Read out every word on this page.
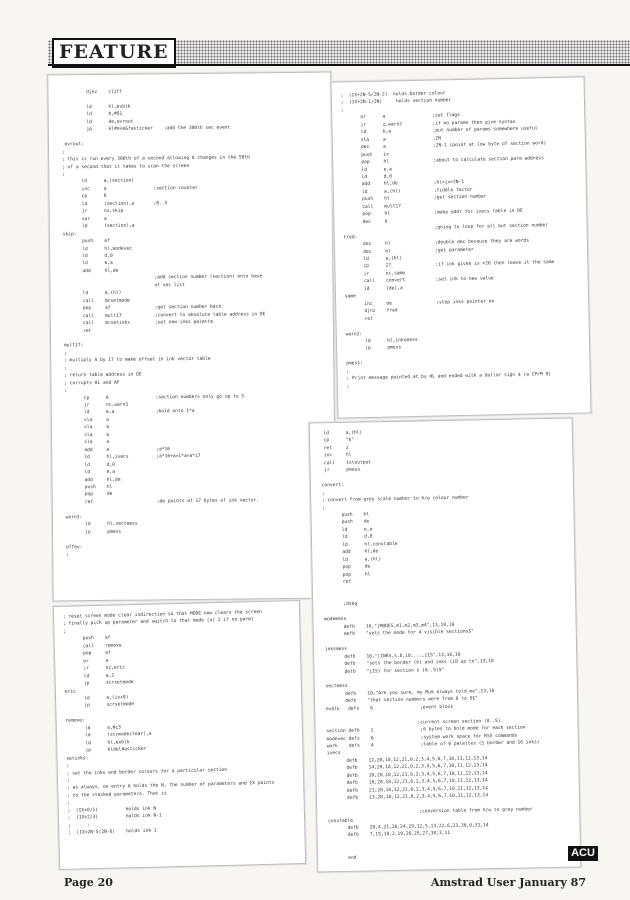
FEATURE
djnz    cliff

ld      hl,evblk
ld      b,#81
ld      de,evrout
jp      kl#eve&fasticker    ;add the 300th sec event

evrout:
;
; this is run every 300th of a second allowing 6 changes in the 50th
; of a second that it takes to scan the screen
;
ld      a,(section)
inc     a                 ;section counter
cp      6
ld      (section),a       ;0..5
jr      nz,skip
xor     a
ld      (section),a
skip:
push    af
ld      hl,modevec
ld      d,0
ld      e,a
add     hl,de
;add section number (section) onto base
of vec list
ld      a,(hl)
call    mcsetmode
pop     af                ;get section number back
call    mult17            ;convert to absolute table address in DE
call    mcsetinks         ;set new inks palette
ret

mult17:
;
; multiply A by 17 to make offset in ink vector table
;
; return table address in DE
; corrupts HL and AF
;
cp      6                 ;section numbers only go up to 5
jr      nc,warn3
ld      e,a               ;hold onto 1*a
sla     a
sla     a
sla     a
sla     a
add     e                 ;a*16
ld      hl,ivecs          ;a*16+a=1*a=a*17
ld      d,0
ld      e,a
add     hl,de
push    hl
pop     de
ret                       ;de points at 17 bytes of ink vector.

warn3:
ld      hl,sectmess
jp      pmess

offev:
;
;  (IX+2N-5/2N-2)  holds border colour
;  (IX+2N-1/2N)     holds section number
;
or      a                 ;set flags
jr      z,warn2           ;if no params then give syntax
ld      b,a               ;put number of params somewhere useful
sla     a                 ;2N
dec     a                 ;2N-1 (point at low byte of section word)
push    ix
pop     hl                ;about to calculate section parm address
ld      e,a
ld      d,0
add     hl,de             ;hl=ix+2N-1
ld      a,(hl)            ;fiddle factor
push    hl                ;get section number
call    mult17
pop     hl                ;make addr for ivecs table in DE
dec     b
;going to loop for all but section number
fred:
dec     hl                ;double dec because they are words
dec     hl                ;get parameter
ld      a,(hl)
cp      27                ;if ink given is >26 then leave it the same
jr      nc,same
call    convert           ;set ink to new value
ld      (de),a
same
inc     de                ;step inks pointer on
djnz    fred
ret

warn2:
ld      hl,inksmess
jp      pmess

pmess:
;
; Print message pointed at by HL and ended with a dollar sign $ (a CP/M 9)
;
; reset screen mode clear indirection so that MODE now clears the screen
; finally pick up parameter and switch to that mode (or 2 if no parm)
;
push    af
call    remove
pop     af
or      a
jr      nz,eric
ld      a,2
jp      scrsetmode
eric
ld      a,(ix+0)
jp      scrsetmode

remove:
ld      a,#c3
ld      (scrmodeclear),a
ld      hl,evblk
jp      kldel#asticker
setinks:
;
; set the inks and border colours for a particular section
;
; as always, on entry A holds the N, the number of parameters and IX points
; to the stacked parameters. That is
;
;  (IX+0/1)          holds ink N
;  (IX+2/3)          holds ink N-1
;      :
;  (IX+2N-5/2N-6)    holds ink 1
ld      a,(hl)
cp      "$"
ret     z
inc     hl
call    txtoutput
jr      pmess

convert:
;
; convert from grey scale number to h/w colour number
;
push    hl
push    de
ld      e,a
ld      d,0
ld      hl,convtable
add     hl,de
ld      a,(hl)
pop     de
pop     hl
ret

;dseg

modemess
defb    10,"|MODES,m1,m2,m3,m4",13,10,10
defb    "sets the mode for 4 visible sections$"

inksmess
defb    10,"|INKS,s,b,i0,...,i15",13,10,10
defb    "sets the border (b) and inks (i0 up to",13,10
defb    "i15) for section s (0..5)$"

sectmess
defb    10,"Are you sure, my Mum always told me",13,10
defb    "that section numbers were from 0 to 5$"
evblk   defs    6                 ;event block

;current screen section (0..5)
section defb    1                 ;6 bytes to hold mode for each section
modevec defs    6                 ;system work space for RSX commands
work    defs    4                 ;table of 6 palettes (1 border and 16 inks)
ivecs
defb    12,20,18,12,21,0,2,3,4,5,6,7,10,11,12,13,14
defb    14,20,18,12,21,0,2,3,4,5,6,7,10,11,12,13,14
defb    10,20,18,12,21,0,2,3,4,5,6,7,10,11,12,13,14
defb    18,20,18,12,21,0,2,3,4,5,6,7,10,11,12,13,14
defb    21,20,18,12,21,0,2,3,4,5,6,7,10,11,12,13,14
defb    13,20,18,12,21,0,2,3,4,5,6,7,10,11,12,13,14

;conversion table from h/w to grey number
convtable
defb    20,4,21,28,24,29,12,5,13,22,6,23,30,0,31,14
defb    7,15,18,2,19,26,25,27,10,3,11

end	ACU
Page 20	Amstrad User January 87
